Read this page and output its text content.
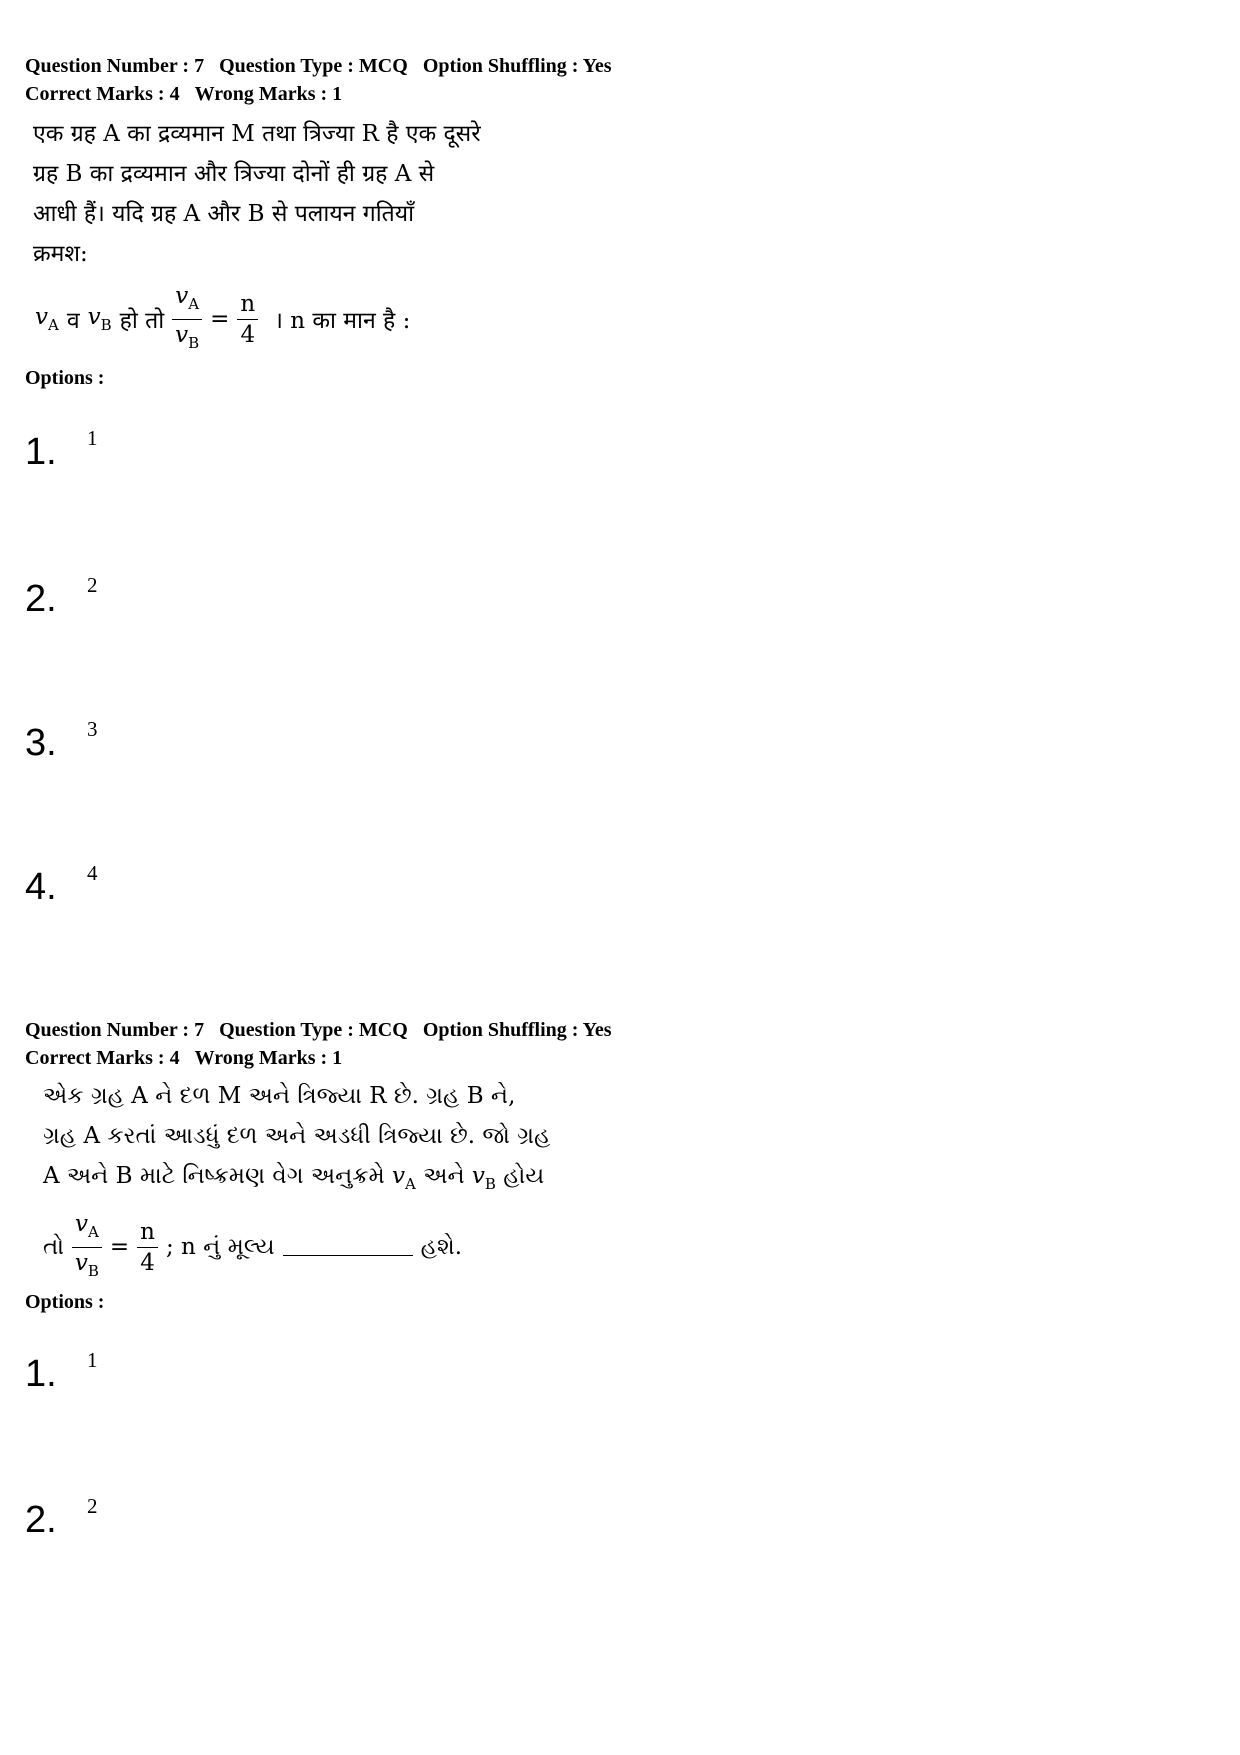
Question Number : 7 Question Type : MCQ Option Shuffling : Yes
Correct Marks : 4 Wrong Marks : 1
एक ग्रह A का द्रव्यमान M तथा त्रिज्या R है एक दूसरे
ग्रह B का द्रव्यमान और त्रिज्या दोनों ही ग्रह A से
आधी हैं। यदि ग्रह A और B से पलायन गतियाँ
क्रमश:
$v_A$ व $v_B$ हो तो $\frac{v_A}{v_B} = \frac{n}{4}$ । n का मान है :
Options :
1.	1
2.	2
3.	3
4.	4
Question Number : 7 Question Type : MCQ Option Shuffling : Yes
Correct Marks : 4 Wrong Marks : 1
એક ગ્રહ A ને દળ M અને ત્રિજ્યા R છે. ગ્રહ B ને,
ગ્રહ A કરતાં આડધું દળ અને અડધી ત્રિજ્યા છે. જો ગ્રહ
A અને B માટે નિષ્ક્રમણ વેગ અનુક્રમે $v_A$ અને $v_B$ હોય
તો $\frac{v_A}{v_B} = \frac{n}{4}$ ; n નું મૂલ્ય	હશે.
Options :
1.	1
2.	2
